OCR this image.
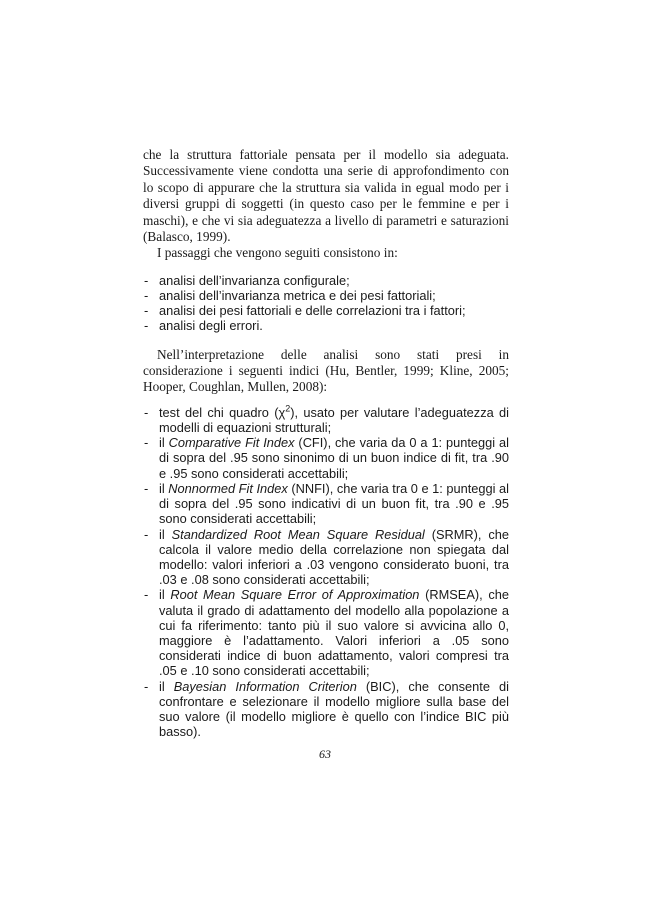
che la struttura fattoriale pensata per il modello sia adeguata. Successivamente viene condotta una serie di approfondimento con lo scopo di appurare che la struttura sia valida in egual modo per i diversi gruppi di soggetti (in questo caso per le femmine e per i maschi), e che vi sia adeguatezza a livello di parametri e saturazioni (Balasco, 1999).

I passaggi che vengono seguiti consistono in:

- analisi dell’invarianza configurale;
- analisi dell’invarianza metrica e dei pesi fattoriali;
- analisi dei pesi fattoriali e delle correlazioni tra i fattori;
- analisi degli errori.

Nell’interpretazione delle analisi sono stati presi in considerazione i seguenti indici (Hu, Bentler, 1999; Kline, 2005; Hooper, Coughlan, Mullen, 2008):

- test del chi quadro $(\chi^2)$, usato per valutare l’adeguatezza di modelli di equazioni strutturali;
- il Comparative Fit Index (CFI), che varia da 0 a 1: punteggi al di sopra del .95 sono sinonimo di un buon indice di fit, tra .90 e .95 sono considerati accettabili;
- il Nonnormed Fit Index (NNFI), che varia tra 0 e 1: punteggi al di sopra del .95 sono indicativi di un buon fit, tra .90 e .95 sono considerati accettabili;
- il Standardized Root Mean Square Residual (SRMR), che calcola il valore medio della correlazione non spiegata dal modello: valori inferiori a .03 vengono considerato buoni, tra .03 e .08 sono considerati accettabili;
- il Root Mean Square Error of Approximation (RMSEA), che valuta il grado di adattamento del modello alla popolazione a cui fa riferimento: tanto più il suo valore si avvicina allo 0, maggiore è l’adattamento. Valori inferiori a .05 sono considerati indice di buon adattamento, valori compresi tra .05 e .10 sono considerati accettabili;
- il Bayesian Information Criterion (BIC), che consente di confrontare e selezionare il modello migliore sulla base del suo valore (il modello migliore è quello con l’indice BIC più basso).
63
